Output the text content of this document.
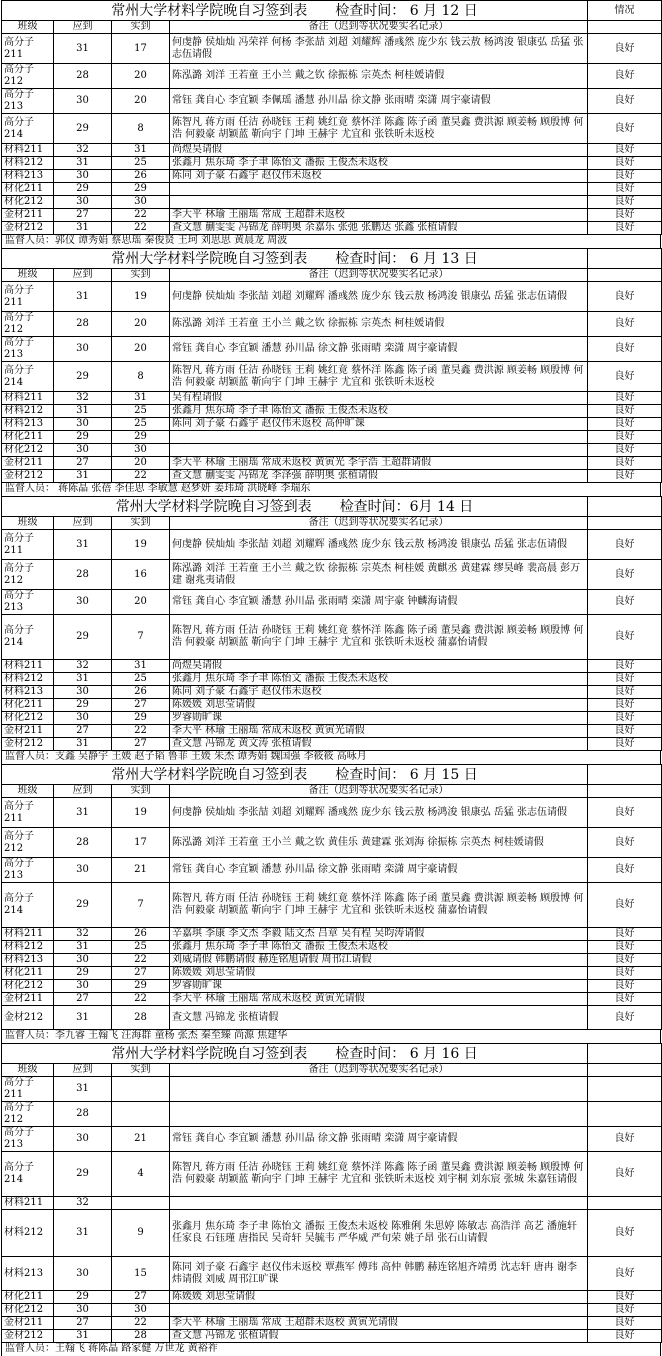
常州大学材料学院晚自习签到表 检查时间： 6 月 12 日				情况
班级	应到	实到	备注（迟到等状况要实名记录）	
高分子211	31	17	何虔静 侯灿灿 冯荣祥 何杨 李张喆 刘超 刘耀辉 潘彧然 庞少东 钱云敖 杨鸿浚 银康弘 岳猛 张志伍请假	良好
高分子212	28	20	陈泓潞 刘洋 王若童 王小兰 戴之钦 徐振栋 宗英杰 柯桂媛请假	良好
高分子213	30	20	常钰 龚自心 李宜颖 李佩瑶 潘慧 孙川晶 徐文静 张雨晴 栾潇 周宇豪请假	良好
高分子214	29	8	陈智凡 蒋方雨 任洁 孙晓钰 王莉 姚红竟 蔡怀洋 陈鑫 陈子函 董昊鑫 费洪源 顾姜畅 顾殷博 何浩 何毅豪 胡颖蓝 靳向宇 门坤 王赫宇 尤宜和 张铁昕未返校	良好
材料211	32	31	尚煜昊请假	良好
材料212	31	25	张鑫月 焦东琦 李子聿 陈怡文 潘振 王俊杰未返校	良好
材料213	30	26	陈同 刘子豪 石鑫宇 赵仪伟未返校	良好
材化211	29	29		良好
材化212	30	30		良好
金材211	27	22	李大平 林瑜 王丽瑶 常成 王超群未返校	良好
金材212	31	22	查文慧 蒯雯雯 冯锦龙 薛明奥 余嘉乐 张弛 张鹏达 张鑫 张植请假	良好
监督人员：郭仪 谭秀娟 蔡思瑶 秦俊贤 王珂 刘思思 黄晨龙 周波
常州大学材料学院晚自习签到表 检查时间： 6 月 13 日				
班级	应到	实到	备注（迟到等状况要实名记录）	
高分子211	31	19	何虔静 侯灿灿 李张喆 刘超 刘耀辉 潘彧然 庞少东 钱云敖 杨鸿浚 银康弘 岳猛 张志伍请假	良好
高分子212	28	20	陈泓潞 刘洋 王若童 王小兰 戴之钦 徐振栋 宗英杰 柯桂媛请假	良好
高分子213	30	20	常钰 龚自心 李宜颖 潘慧 孙川晶 徐文静 张雨晴 栾潇 周宇豪请假	良好
高分子214	29	8	陈智凡 蒋方雨 任洁 孙晓钰 王莉 姚红竟 蔡怀洋 陈鑫 陈子函 董昊鑫 费洪源 顾姜畅 顾殷博 何浩 何毅豪 胡颖蓝 靳向宇 门坤 王赫宇 尤宜和 张铁昕未返校	良好
材料211	32	31	吴有程请假	良好
材料212	31	25	张鑫月 焦东琦 李子聿 陈怡文 潘振 王俊杰未返校	良好
材料213	30	25	陈同 刘子豪 石鑫宇 赵仪伟未返校 高仲旷课	良好
材化211	29	29		良好
材化212	30	30		良好
金材211	27	20	李大平 林瑜 王丽瑶 常成未返校 黄寅光 李宇浩 王超群请假	良好
金材212	31	22	查文慧 蒯雯雯 冯锦龙 李泽强 薛明奥 张植请假	良好
监督人员： 蒋陈晶 张蓓 李佳思 李敏慧 赵梦妍 姜玮琦 洪晓峰 李瑞东
常州大学材料学院晚自习签到表 检查时间：6月 14 日				
班级	应到	实到	备注（迟到等状况要实名记录）	
高分子211	31	19	何虔静 侯灿灿 李张喆 刘超 刘耀辉 潘彧然 庞少东 钱云敖 杨鸿浚 银康弘 岳猛 张志伍请假	良好
高分子212	28	16	陈泓潞 刘洋 王若童 王小兰 戴之钦 徐振栋 宗英杰 柯桂媛 黄麒丞 黄建霖 缪昊峰 裴高晨 彭万建 谢兆夷请假	良好
高分子213	30	20	常钰 龚自心 李宜颖 潘慧 孙川晶 张雨晴 栾潇 周宇豪 钟麟海请假	良好
高分子214	29	7	陈智凡 蒋方雨 任洁 孙晓钰 王莉 姚红竟 蔡怀洋 陈鑫 陈子函 董昊鑫 费洪源 顾姜畅 顾殷博 何浩 何毅豪 胡颖蓝 靳向宇 门坤 王赫宇 尤宜和 张铁昕未返校 蒲嘉怡请假	良好
材料211	32	31	尚煜昊请假	良好
材料212	31	25	张鑫月 焦东琦 李子聿 陈怡文 潘振 王俊杰未返校	良好
材料213	30	26	陈同 刘子豪 石鑫宇 赵仪伟未返校	良好
材化211	29	27	陈媛媛 刘思莹请假	良好
材化212	30	29	罗睿勋旷课	良好
金材211	27	22	李大平 林瑜 王丽瑶 常成未返校 黄寅光请假	良好
金材212	31	27	查文慧 冯锦龙 黄文涛 张植请假	良好
监督人员：支鑫 吴静宇 王媛 赵子韬 鲁菲 王媛 朱杰 谭秀娟 魏国强 李筱筱 高咏月
常州大学材料学院晚自习签到表 检查时间： 6 月 15 日				
班级	应到	实到	备注（迟到等状况要实名记录）	
高分子211	31	19	何虔静 侯灿灿 李张喆 刘超 刘耀辉 潘彧然 庞少东 钱云敖 杨鸿浚 银康弘 岳猛 张志伍请假	良好
高分子212	28	17	陈泓潞 刘洋 王若童 王小兰 戴之钦 黄佳乐 黄建霖 张刘海 徐振栋 宗英杰 柯桂媛请假	良好
高分子213	30	21	常钰 龚自心 李宜颖 潘慧 孙川晶 徐文静 张雨晴 栾潇 周宇豪请假	良好
高分子214	29	7	陈智凡 蒋方雨 任洁 孙晓钰 王莉 姚红竟 蔡怀洋 陈鑫 陈子函 董昊鑫 费洪源 顾姜畅 顾殷博 何浩 何毅豪 胡颖蓝 靳向宇 门坤 王赫宇 尤宜和 张铁昕未返校 蒲嘉怡请假	良好
材料211	32	26	辛嘉琪 李康 李文杰 李毅 陆文杰 吕章 吴有程 吴昀涛请假	良好
材料212	31	25	张鑫月 焦东琦 李子聿 陈怡文 潘振 王俊杰未返校	良好
材料213	30	22	刘威请假 韩鹏请假 赫连铭旭请假 周邗江请假	良好
材化211	29	27	陈媛媛 刘思莹请假	良好
材化212	30	29	罗睿勋旷课	良好
金材211	27	22	李大平 林瑜 王丽瑶 常成未返校 黄寅光请假	良好
金材212	31	28	查文慧 冯锦龙 张植请假	良好
监督人员：李九睿 王翰飞 汪海群 童杨 张杰 秦至臻 尚源 焦建华
常州大学材料学院晚自习签到表 检查时间： 6 月 16 日				
班级	应到	实到	备注（迟到等状况要实名记录）	
高分子211	31			
高分子212	28			
高分子213	30	21	常钰 龚自心 李宜颖 潘慧 孙川晶 徐文静 张雨晴 栾潇 周宇豪请假	良好
高分子214	29	4	陈智凡 蒋方雨 任洁 孙晓钰 王莉 姚红竟 蔡怀洋 陈鑫 陈子函 董昊鑫 费洪源 顾姜畅 顾殷博 何浩 何毅豪 胡颖蓝 靳向宇 门坤 王赫宇 尤宜和 张铁昕未返校 刘宇桐 刘东宸 张城 朱嘉钰请假	良好
材料211	32			
材料212	31	9	张鑫月 焦东琦 李子聿 陈怡文 潘振 王俊杰未返校 陈雅俐 朱思婷 陈敏志 高浩洋 高艺 潘施轩 任家良 石钰瑾 唐指民 吴奇轩 吴毓韦 严华威 严旬荣 姚子昂 张石山请假	良好
材料213	30	15	陈同 刘子豪 石鑫宇 赵仪伟未返校 覃燕军 傅玮 高仲 韩鹏 赫连铭旭齐靖勇 沈志轩 唐冉 谢李炜请假 刘威 周邗江旷课	良好
材化211	29	27	陈媛媛 刘思莹请假	良好
材化212	30	30		良好
金材211	27	22	李大平 林瑜 王丽瑶 常成 王超群未返校 黄寅光请假	良好
金材212	31	28	查文慧 冯锦龙 张植请假	良好
监督人员：王翰飞 蒋陈晶 路家健 万世龙 黄裕祚
